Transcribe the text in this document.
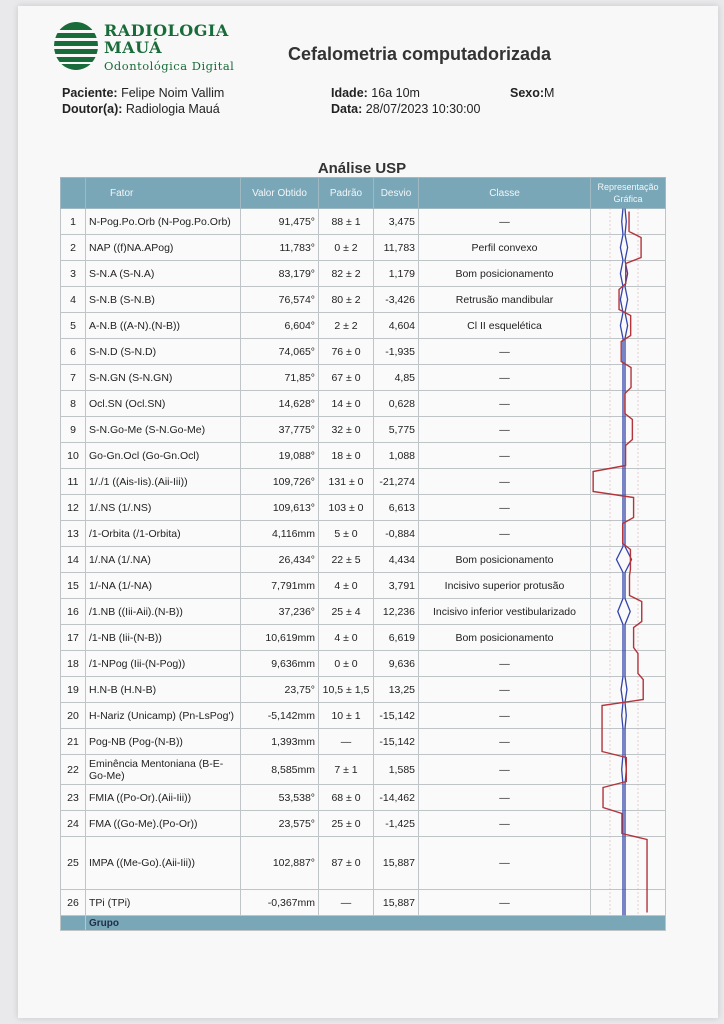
RADIOLOGIA
MAUÁ
Odontológica Digital
Cefalometria computadorizada
Paciente: Felipe Noim Vallim
Doutor(a): Radiologia Mauá
Idade: 16a 10m
Data: 28/07/2023 10:30:00
Sexo:M
Análise USP
	Fator	Valor Obtido	Padrão	Desvio	Classe	Representação Gráfica
1	N-Pog.Po.Orb (N-Pog.Po.Orb)	91,475°	88 ± 1	3,475	—	
2	NAP ((f)NA.APog)	11,783°	0 ± 2	11,783	Perfil convexo	
3	S-N.A (S-N.A)	83,179°	82 ± 2	1,179	Bom posicionamento	
4	S-N.B (S-N.B)	76,574°	80 ± 2	-3,426	Retrusão mandibular	
5	A-N.B ((A-N).(N-B))	6,604°	2 ± 2	4,604	Cl II esquelética	
6	S-N.D (S-N.D)	74,065°	76 ± 0	-1,935	—	
7	S-N.GN (S-N.GN)	71,85°	67 ± 0	4,85	—	
8	Ocl.SN (Ocl.SN)	14,628°	14 ± 0	0,628	—	
9	S-N.Go-Me (S-N.Go-Me)	37,775°	32 ± 0	5,775	—	
10	Go-Gn.Ocl (Go-Gn.Ocl)	19,088°	18 ± 0	1,088	—	
11	1/./1 ((Ais-Iis).(Aii-Iii))	109,726°	131 ± 0	-21,274	—	
12	1/.NS (1/.NS)	109,613°	103 ± 0	6,613	—	
13	/1-Orbita (/1-Orbita)	4,116mm	5 ± 0	-0,884	—	
14	1/.NA (1/.NA)	26,434°	22 ± 5	4,434	Bom posicionamento	
15	1/-NA (1/-NA)	7,791mm	4 ± 0	3,791	Incisivo superior protusão	
16	/1.NB ((Iii-Aii).(N-B))	37,236°	25 ± 4	12,236	Incisivo inferior vestibularizado	
17	/1-NB (Iii-(N-B))	10,619mm	4 ± 0	6,619	Bom posicionamento	
18	/1-NPog (Iii-(N-Pog))	9,636mm	0 ± 0	9,636	—	
19	H.N-B (H.N-B)	23,75°	10,5 ± 1,5	13,25	—	
20	H-Nariz (Unicamp) (Pn-LsPog')	-5,142mm	10 ± 1	-15,142	—	
21	Pog-NB (Pog-(N-B))	1,393mm	—	-15,142	—	
22	Eminência Mentoniana (B-E-Go-Me)	8,585mm	7 ± 1	1,585	—	
23	FMIA ((Po-Or).(Aii-Iii))	53,538°	68 ± 0	-14,462	—	
24	FMA ((Go-Me).(Po-Or))	23,575°	25 ± 0	-1,425	—	
25	IMPA ((Me-Go).(Aii-Iii))	102,887°	87 ± 0	15,887	—	
26	TPi (TPi)	-0,367mm	—	15,887	—	
	Grupo					
